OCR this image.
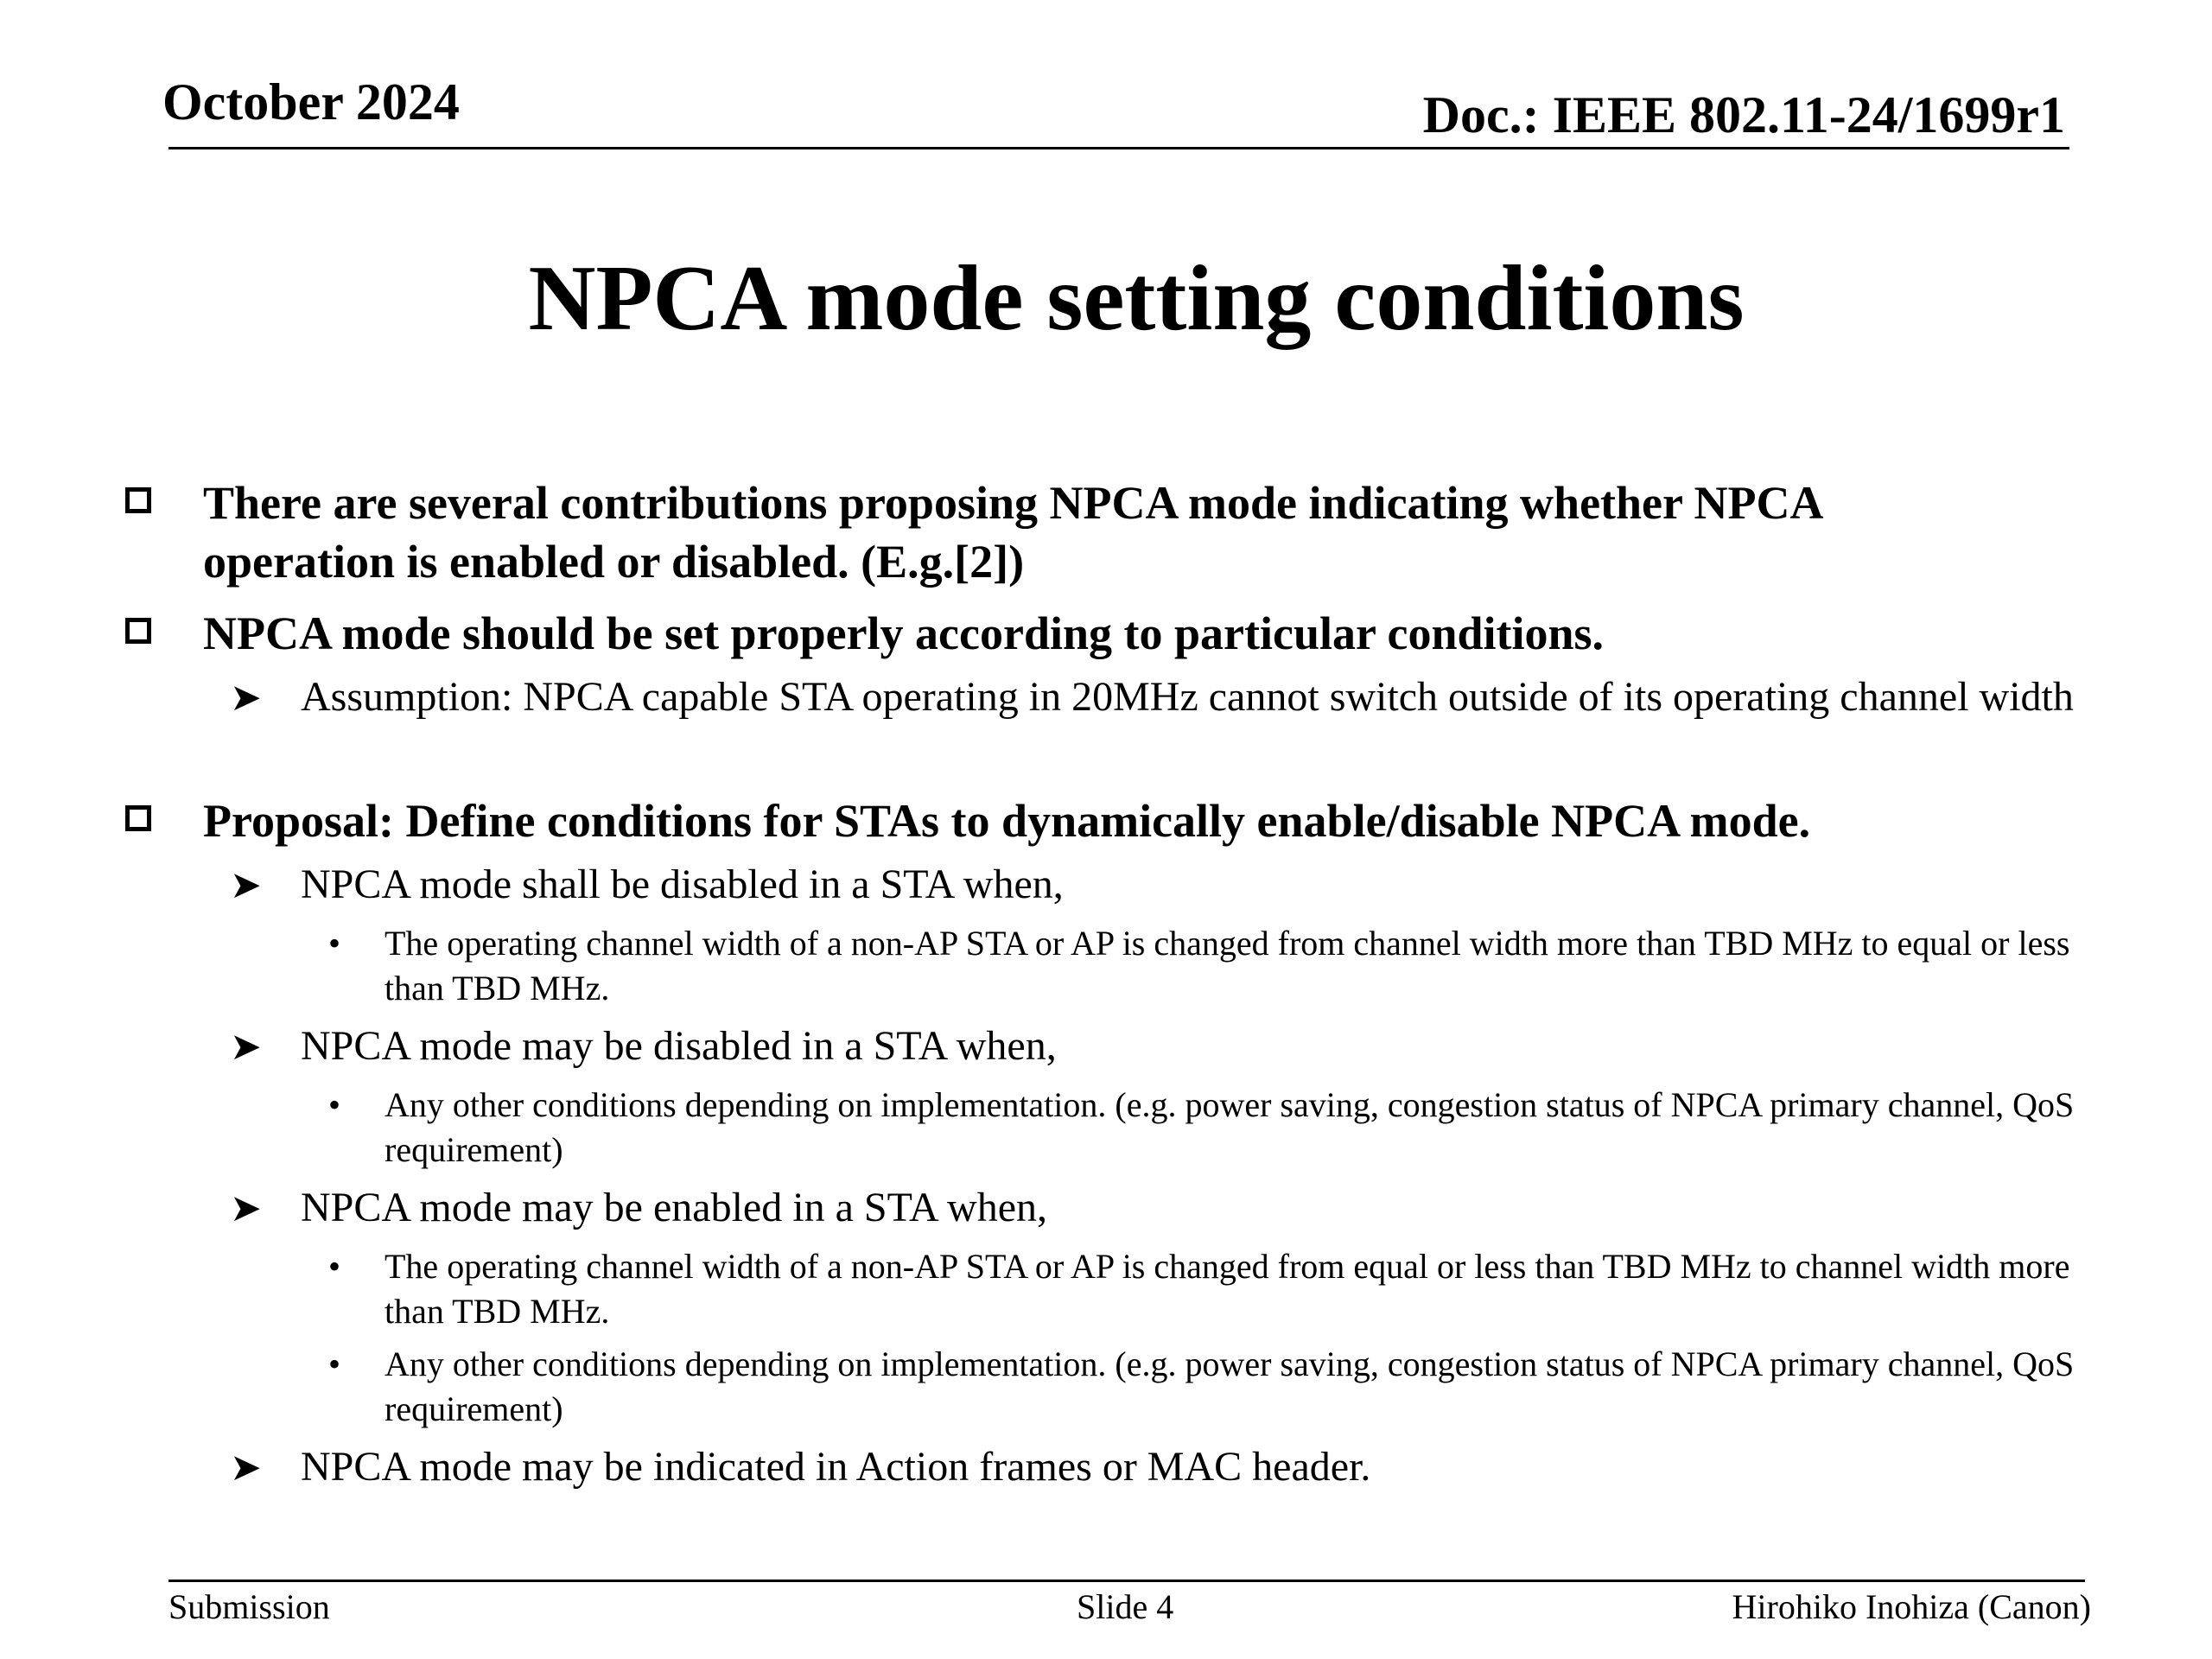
October 2024	Doc.: IEEE 802.11-24/1699r1
NPCA mode setting conditions

There are several contributions proposing NPCA mode indicating whether NPCA operation is enabled or disabled. (E.g.[2])

NPCA mode should be set properly according to particular conditions.

➤ Assumption: NPCA capable STA operating in 20MHz cannot switch outside of its operating channel width

Proposal: Define conditions for STAs to dynamically enable/disable NPCA mode.

➤ NPCA mode shall be disabled in a STA when,

• The operating channel width of a non-AP STA or AP is changed from channel width more than TBD MHz to equal or less than TBD MHz.

➤ NPCA mode may be disabled in a STA when,

• Any other conditions depending on implementation. (e.g. power saving, congestion status of NPCA primary channel, QoS requirement)

➤ NPCA mode may be enabled in a STA when,

• The operating channel width of a non-AP STA or AP is changed from equal or less than TBD MHz to channel width more than TBD MHz.

• Any other conditions depending on implementation. (e.g. power saving, congestion status of NPCA primary channel, QoS requirement)

➤ NPCA mode may be indicated in Action frames or MAC header.

Submission	Slide 4	Hirohiko Inohiza (Canon)
